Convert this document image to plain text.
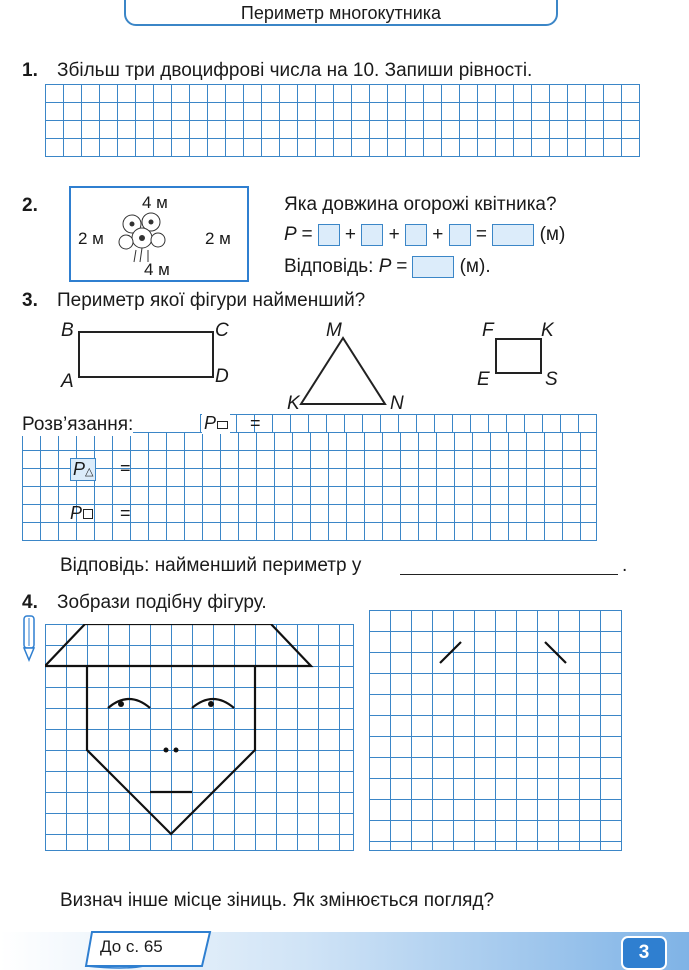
Периметр многокутника
1. Збільш три двоцифрові числа на 10. Запиши рівності.
2.	4 м
4 м
2 м	2 м
Яка довжина огорожі квітника?
P = + + + =	(м)
Відповідь: P =	(м).
3. Периметр якої фігури найменший?
B	C
A	D
M
K	N
F K
E	S
Розв’язання:	P	=
P△ =
P	=
Відповідь: найменший периметр у	.
4. Зобрази подібну фігуру.
Визнач інше місце зіниць. Як змінюється погляд?
До с. 65	3
